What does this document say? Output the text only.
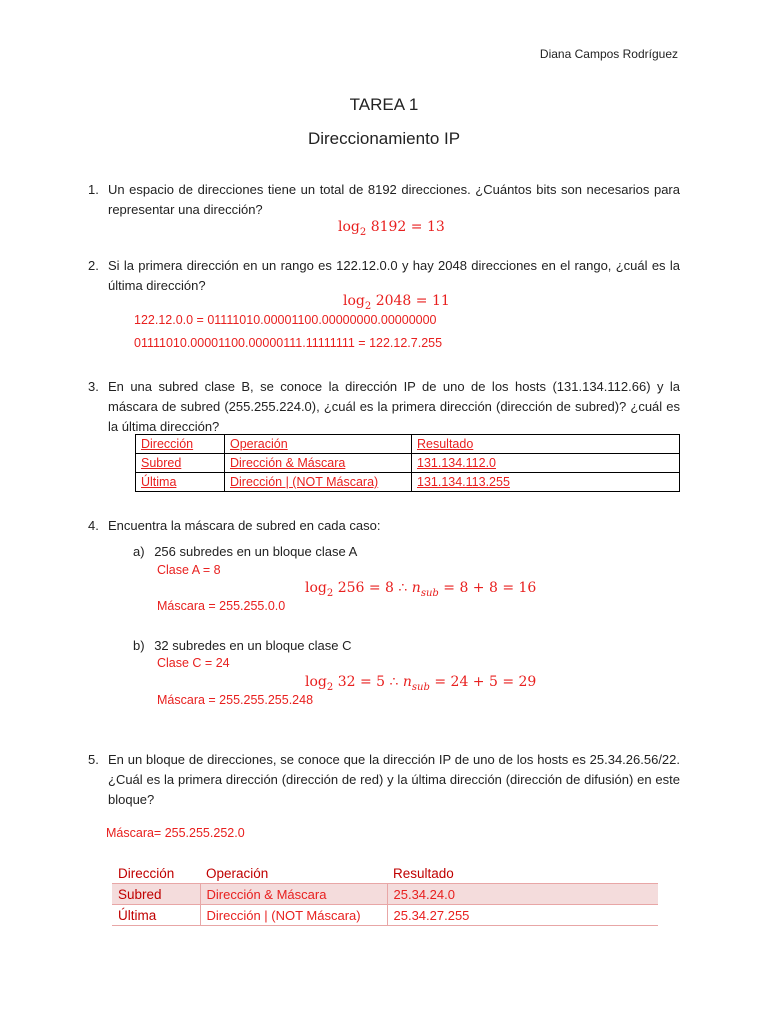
Diana Campos Rodríguez
TAREA 1
Direccionamiento IP
1. Un espacio de direcciones tiene un total de 8192 direcciones. ¿Cuántos bits son necesarios para representar una dirección?
$\log_2 8192 = 13$
2. Si la primera dirección en un rango es 122.12.0.0 y hay 2048 direcciones en el rango, ¿cuál es la última dirección?
$\log_2 2048 = 11$
122.12.0.0 = 01111010.00001100.00000000.00000000
01111010.00001100.00000111.11111111 = 122.12.7.255
3. En una subred clase B, se conoce la dirección IP de uno de los hosts (131.134.112.66) y la máscara de subred (255.255.224.0), ¿cuál es la primera dirección (dirección de subred)? ¿cuál es la última dirección?
Dirección	Operación	Resultado
Subred	Dirección & Máscara	131.134.112.0
Última	Dirección | (NOT Máscara)	131.134.113.255
4. Encuentra la máscara de subred en cada caso:
a) 256 subredes en un bloque clase A
Clase A = 8
$\log_2 256 = 8$ ∴ $n_{sub} = 8 + 8 = 16$
Máscara = 255.255.0.0
b) 32 subredes en un bloque clase C
Clase C = 24
$\log_2 32 = 5$ ∴ $n_{sub} = 24 + 5 = 29$
Máscara = 255.255.255.248
5. En un bloque de direcciones, se conoce que la dirección IP de uno de los hosts es 25.34.26.56/22. ¿Cuál es la primera dirección (dirección de red) y la última dirección (dirección de difusión) en este bloque?
Máscara= 255.255.252.0
Dirección	Operación	Resultado
Subred	Dirección & Máscara	25.34.24.0
Última	Dirección | (NOT Máscara)	25.34.27.255
